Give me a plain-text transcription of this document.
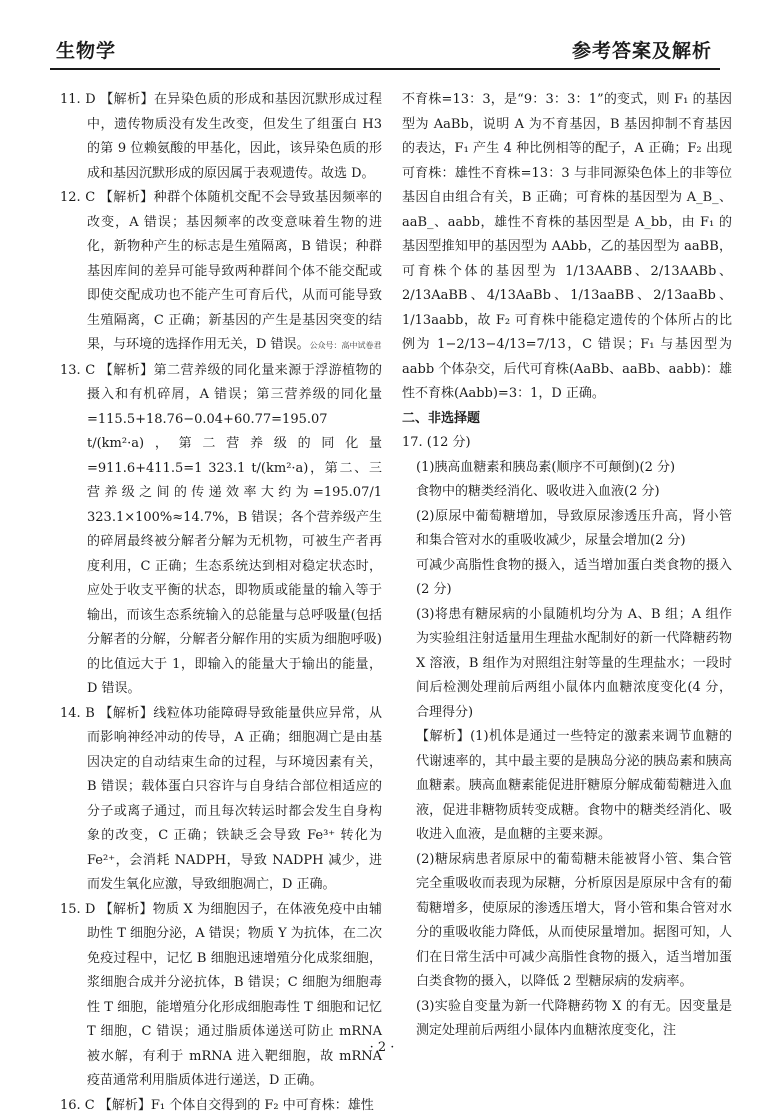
生物学	参考答案及解析

11. D 【解析】在异染色质的形成和基因沉默形成过程中，遗传物质没有发生改变，但发生了组蛋白 H3 的第 9 位赖氨酸的甲基化，因此，该异染色质的形成和基因沉默形成的原因属于表观遗传。故选 D。

12. C 【解析】种群个体随机交配不会导致基因频率的改变，A 错误；基因频率的改变意味着生物的进化，新物种产生的标志是生殖隔离，B 错误；种群基因库间的差异可能导致两种群间个体不能交配或即使交配成功也不能产生可育后代，从而可能导致生殖隔离，C 正确；新基因的产生是基因突变的结果，与环境的选择作用无关，D 错误。公众号：高中试卷君

13. C 【解析】第二营养级的同化量来源于浮游植物的摄入和有机碎屑，A 错误；第三营养级的同化量=115.5+18.76−0.04+60.77=195.07 t/(km²·a)，第二营养级的同化量=911.6+411.5=1 323.1 t/(km²·a)，第二、三营养级之间的传递效率大约为=195.07/1 323.1×100%≈14.7%，B 错误；各个营养级产生的碎屑最终被分解者分解为无机物，可被生产者再度利用，C 正确；生态系统达到相对稳定状态时，应处于收支平衡的状态，即物质或能量的输入等于输出，而该生态系统输入的总能量与总呼吸量(包括分解者的分解，分解者分解作用的实质为细胞呼吸)的比值远大于 1，即输入的能量大于输出的能量，D 错误。

14. B 【解析】线粒体功能障碍导致能量供应异常，从而影响神经冲动的传导，A 正确；细胞凋亡是由基因决定的自动结束生命的过程，与环境因素有关，B 错误；载体蛋白只容许与自身结合部位相适应的分子或离子通过，而且每次转运时都会发生自身构象的改变，C 正确；铁缺乏会导致 Fe³⁺ 转化为 Fe²⁺，会消耗 NADPH，导致 NADPH 减少，进而发生氧化应激，导致细胞凋亡，D 正确。

15. D 【解析】物质 X 为细胞因子，在体液免疫中由辅助性 T 细胞分泌，A 错误；物质 Y 为抗体，在二次免疫过程中，记忆 B 细胞迅速增殖分化成浆细胞，浆细胞合成并分泌抗体，B 错误；C 细胞为细胞毒性 T 细胞，能增殖分化形成细胞毒性 T 细胞和记忆 T 细胞，C 错误；通过脂质体递送可防止 mRNA 被水解，有利于 mRNA 进入靶细胞，故 mRNA 疫苗通常利用脂质体进行递送，D 正确。

16. C 【解析】F₁ 个体自交得到的 F₂ 中可育株：雄性

不育株=13：3，是“9：3：3：1”的变式，则 F₁ 的基因型为 AaBb，说明 A 为不育基因，B 基因抑制不育基因的表达，F₁ 产生 4 种比例相等的配子，A 正确；F₂ 出现可育株：雄性不育株=13：3 与非同源染色体上的非等位基因自由组合有关，B 正确；可育株的基因型为 A_B_、aaB_、aabb，雄性不育株的基因型是 A_bb，由 F₁ 的基因型推知甲的基因型为 AAbb，乙的基因型为 aaBB，可育株个体的基因型为 1/13AABB、2/13AABb、2/13AaBB、4/13AaBb、1/13aaBB、2/13aaBb、1/13aabb，故 F₂ 可育株中能稳定遗传的个体所占的比例为 1−2/13−4/13=7/13，C 错误；F₁ 与基因型为 aabb 个体杂交，后代可育株(AaBb、aaBb、aabb)：雄性不育株(Aabb)=3：1，D 正确。

二、非选择题

17. (12 分)

(1)胰高血糖素和胰岛素(顺序不可颠倒)(2 分)

食物中的糖类经消化、吸收进入血液(2 分)

(2)原尿中葡萄糖增加，导致原尿渗透压升高，肾小管和集合管对水的重吸收减少，尿量会增加(2 分)

可减少高脂性食物的摄入，适当增加蛋白类食物的摄入(2 分)

(3)将患有糖尿病的小鼠随机均分为 A、B 组；A 组作为实验组注射适量用生理盐水配制好的新一代降糖药物 X 溶液，B 组作为对照组注射等量的生理盐水；一段时间后检测处理前后两组小鼠体内血糖浓度变化(4 分，合理得分)

【解析】(1)机体是通过一些特定的激素来调节血糖的代谢速率的，其中最主要的是胰岛分泌的胰岛素和胰高血糖素。胰高血糖素能促进肝糖原分解成葡萄糖进入血液，促进非糖物质转变成糖。食物中的糖类经消化、吸收进入血液，是血糖的主要来源。

(2)糖尿病患者原尿中的葡萄糖未能被肾小管、集合管完全重吸收而表现为尿糖，分析原因是原尿中含有的葡萄糖增多，使原尿的渗透压增大，肾小管和集合管对水分的重吸收能力降低，从而使尿量增加。据图可知，人们在日常生活中可减少高脂性食物的摄入，适当增加蛋白类食物的摄入，以降低 2 型糖尿病的发病率。

(3)实验自变量为新一代降糖药物 X 的有无。因变量是测定处理前后两组小鼠体内血糖浓度变化，注

· 2 ·
